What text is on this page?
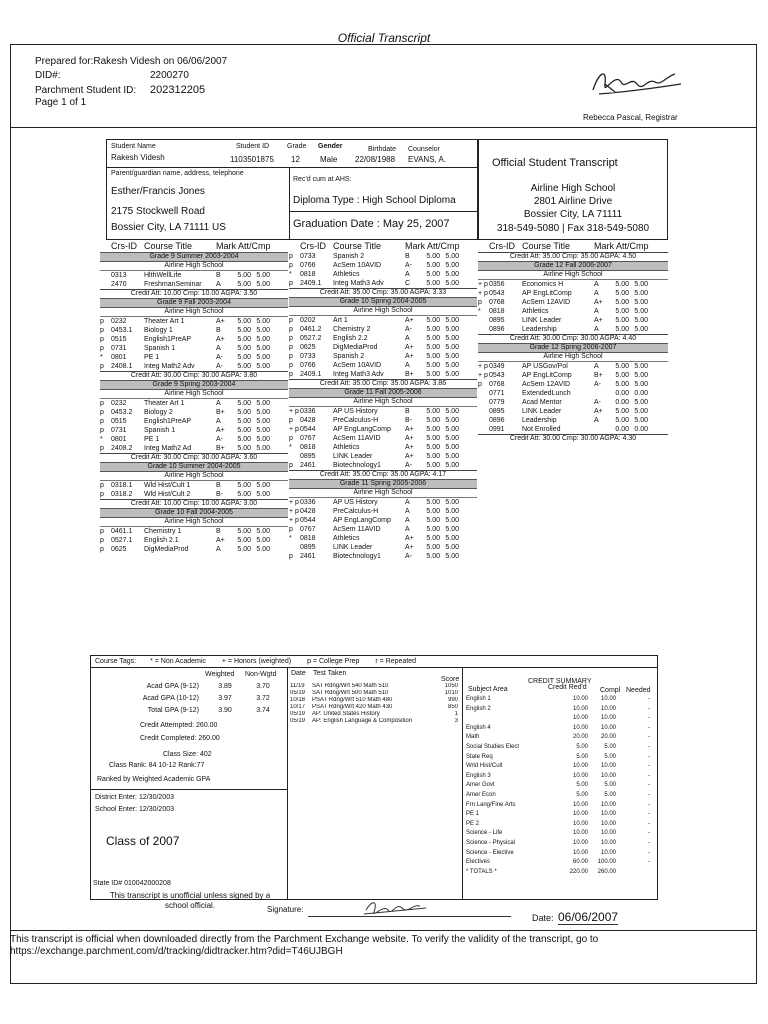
Official Transcript
Prepared for:Rakesh Videsh on 06/06/2007
DID#:	2200270
Parchment Student ID: 202312205
Page 1 of 1
Rebecca Pascal, Registrar
Student Name
Rakesh Videsh
Student ID
1103501875
Grade
12
Gender
Male
Birthdate
22/08/1988
Counselor
EVANS, A.
Parent/guardian name, address, telephone
Esther/Francis Jones
2175 Stockwell Road
Bossier City, LA 71111 US
Rec'd cum at AHS:
Diploma Type : High School Diploma
Graduation Date : May 25, 2007
Official Student Transcript
Airline High School
2801 Airline Drive
Bossier City, LA 71111
318-549-5080 | Fax 318-549-5080
Crs-ID Course Title	Mark Att/Cmp
Grade 9 Summer 2003-2004
Airline High School
0313	HlthWellLife	B	5.00 5.00
2470	FreshmanSeminar	A	5.00 5.00
Credit Att: 10.00 Cmp: 10.00 AGPA: 3.50
Grade 9 Fall 2003-2004
Airline High School
p	0232	Theater Art 1	A+	5.00 5.00
p	0453.1	Biology 1	B	5.00 5.00
p	0515	English1PreAP	A+	5.00 5.00
p	0731	Spanish 1	A	5.00 5.00
*	0801	PE 1	A-	5.00 5.00
p	2408.1	Integ Math2 Adv	A-	5.00 5.00
Credit Att: 30.00 Cmp: 30.00 AGPA: 3.80
Grade 9 Spring 2003-2004
Airline High School
p	0232	Theater Art 1	A	5.00 5.00
p	0453.2	Biology 2	B+	5.00 5.00
p	0515	English1PreAP	A	5.00 5.00
p	0731	Spanish 1	A+	5.00 5.00
*	0801	PE 1	A-	5.00 5.00
p	2408.2	Integ Math2 Ad	B+	5.00 5.00
Credit Att: 30.00 Cmp: 30.00 AGPA: 3.60
Grade 10 Summer 2004-2005
Airline High School
p	0318.1	Wld Hist/Cult 1	B	5.00 5.00
p	0318.2	Wld Hist/Cult 2	B-	5.00 5.00
Credit Att: 10.00 Cmp: 10.00 AGPA: 3.00
Grade 10 Fall 2004-2005
Airline High School
p	0461.1	Chemistry 1	B	5.00 5.00
p	0527.1	English 2.1	A+	5.00 5.00
p	0625	DigMediaProd	A	5.00 5.00
Crs-ID Course Title	Mark Att/Cmp
p	0733	Spanish 2	B	5.00 5.00
p	0766	AcSem 10AVID	A-	5.00 5.00
*	0818	Athletics	A	5.00 5.00
p	2409.1	Integ Math3 Adv	C	5.00 5.00
Credit Att: 35.00 Cmp: 35.00 AGPA: 3.33
Grade 10 Spring 2004-2005
Airline High School
p	0202	Art 1	A+	5.00 5.00
p	0461.2	Chemistry 2	A-	5.00 5.00
p	0527.2	English 2.2	A	5.00 5.00
p	0625	DigMediaProd	A+	5.00 5.00
p	0733	Spanish 2	A+	5.00 5.00
p	0766	AcSem 10AVID	A	5.00 5.00
p	2409.1	Integ Math3 Adv	B+	5.00 5.00
Credit Att: 35.00 Cmp: 35.00 AGPA: 3.86
Grade 11 Fall 2005-2006
Airline High School
+ p 0336	AP US History	B	5.00 5.00
p	0428	PreCalculus-H	B-	5.00 5.00
+ p 0544	AP EngLangComp	A+	5.00 5.00
p	0767	AcSem 11AVID	A+	5.00 5.00
*	0818	Athletics	A+	5.00 5.00
0895	LINK Leader	A+	5.00 5.00
p	2461	Biotechnology1	A-	5.00 5.00
Credit Att: 35.00 Cmp: 35.00 AGPA: 4.17
Grade 11 Spring 2005-2006
Airline High School
+ p 0336	AP US History	A	5.00 5.00
+ p 0428	PreCalculus-H	A	5.00 5.00
+ p 0544	AP EngLangComp	A	5.00 5.00
p	0767	AcSem 11AVID	A	5.00 5.00
*	0818	Athletics	A+	5.00 5.00
0895	LINK Leader	A+	5.00 5.00
p	2461	Biotechnology1	A-	5.00 5.00
Crs-ID Course Title	Mark Att/Cmp
Credit Att: 35.00 Cmp: 35.00 AGPA: 4.50
Grade 12 Fall 2006-2007
Airline High School
+ p 0356	Economics H	A	5.00 5.00
+ p 0543	AP EngLitComp	A	5.00 5.00
p	0768	AcSem 12AVID	A+	5.00 5.00
*	0818	Athletics	A	5.00 5.00
0895	LINK Leader	A+	5.00 5.00
0896	Leadership	A	5.00 5.00
Credit Att: 30.00 Cmp: 30.00 AGPA: 4.40
Grade 12 Spring 2006-2007
Airline High School
+ p 0349	AP USGov/Pol	A	5.00 5.00
+ p 0543	AP EngLitComp	B+	5.00 5.00
p	0768	AcSem 12AVID	A-	5.00 5.00
0771	ExtendedLunch	0.00 0.00
0779	Acad Mentor	A-	0.00 5.00
0895	LINK Leader	A+	5.00 5.00
0896	Leadership	A	5.00 5.00
0991	Not Enrolled	0.00 0.00
Credit Att: 30.00 Cmp: 30.00 AGPA: 4.30
Course Tags: * = Non Academic + = Honors (weighted) p = College Prep r = Repeated
Weighted Non-Wgtd
Acad GPA (9-12)	3.89	3.70
Acad GPA (10-12)	3.97	3.72
Total GPA (9-12)	3.90	3.74
Credit Attempted: 260.00
Credit Completed: 260.00
Class Size: 402
Class Rank: 84 10-12 Rank:77
Ranked by Weighted Academic GPA
District Enter: 12/30/2003
School Enter: 12/30/2003
Class of 2007
State ID# 010042000208
Date Test Taken
Score
11/19	SAT Rdng/Wrt 540 Math 510	1050
05/19	SAT Rdng/Wrt 500 Math 510	1010
10/18	PSAT Rdng/Wrt 510 Math 480	990
10/17	PSAT Rdng/Wrt 420 Math 430	850
05/19	AP: United States History	1
05/19	AP: English Language & Composition	3
CREDIT SUMMARY
Subject Area	Credit Red'd Compl Needed
English 1	10.00	10.00	-
English 2	10.00	10.00	-
10.00	10.00	-
English 4	10.00	10.00	-
Math	20.00	20.00	-
Social Studies Elect	5.00	5.00	-
State Req	5.00	5.00	-
Wrld Hist/Cult	10.00	10.00	-
English 3	10.00	10.00	-
Amer Govt	5.00	5.00	-
Amer Econ	5.00	5.00	-
Frn Lang/Fine Arts	10.00	10.00	-
PE 1	10.00	10.00	-
PE 2	10.00	10.00	-
Science - Life	10.00	10.00	-
Science - Physical	10.00	10.00	-
Science - Elective	10.00	10.00	-
Electives	60.00	100.00	-
* TOTALS *	220.00	260.00
This transcript is unofficial unless signed by a school official.	Signature:
Date: 06/06/2007
This transcript is official when downloaded directly from the Parchment Exchange website. To verify the validity of the transcript, go to
https://exchange.parchment.com/d/tracking/didtracker.htm?did=T46UJBGH
